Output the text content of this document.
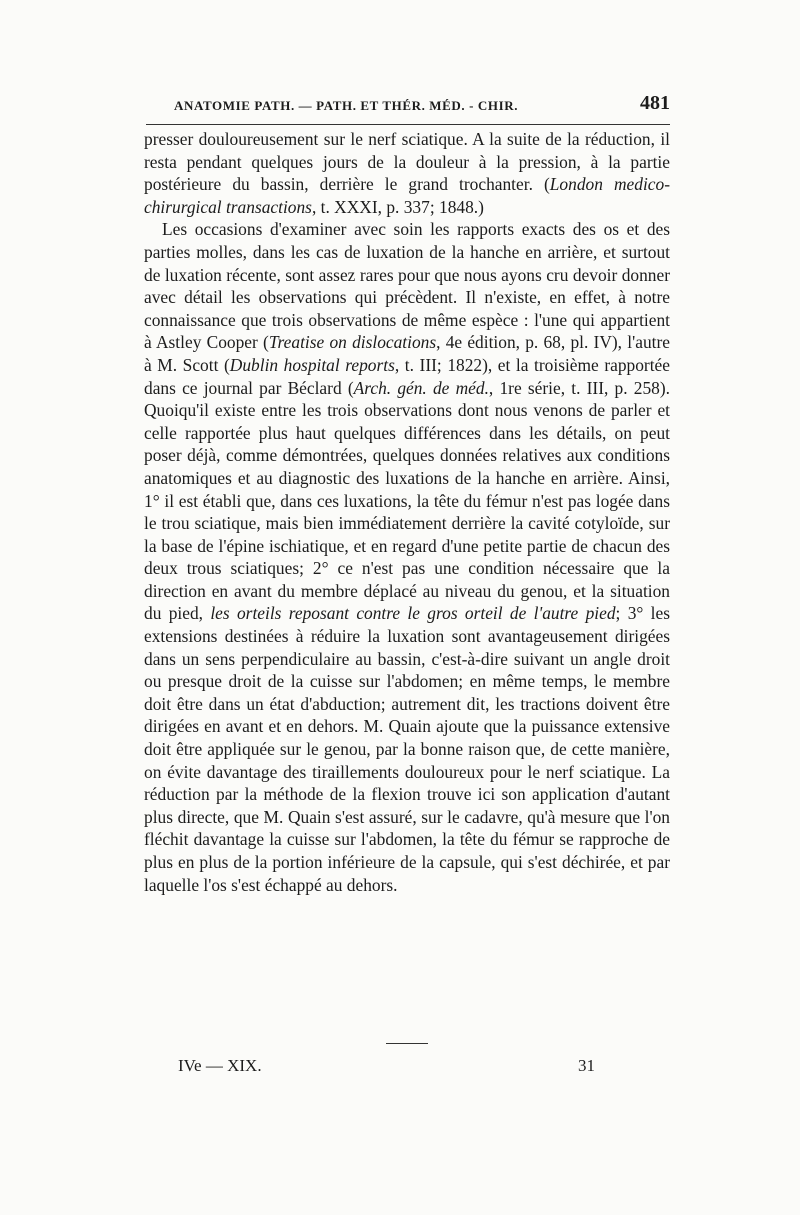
ANATOMIE PATH. — PATH. ET THÉR. MÉD. - CHIR.	481

presser douloureusement sur le nerf sciatique. A la suite de la réduction, il resta pendant quelques jours de la douleur à la pression, à la partie postérieure du bassin, derrière le grand trochanter. (London medico-chirurgical transactions, t. XXXI, p. 337; 1848.)

Les occasions d'examiner avec soin les rapports exacts des os et des parties molles, dans les cas de luxation de la hanche en arrière, et surtout de luxation récente, sont assez rares pour que nous ayons cru devoir donner avec détail les observations qui précèdent. Il n'existe, en effet, à notre connaissance que trois observations de même espèce : l'une qui appartient à Astley Cooper (Treatise on dislocations, 4e édition, p. 68, pl. IV), l'autre à M. Scott (Dublin hospital reports, t. III; 1822), et la troisième rapportée dans ce journal par Béclard (Arch. gén. de méd., 1re série, t. III, p. 258). Quoiqu'il existe entre les trois observations dont nous venons de parler et celle rapportée plus haut quelques différences dans les détails, on peut poser déjà, comme démontrées, quelques données relatives aux conditions anatomiques et au diagnostic des luxations de la hanche en arrière. Ainsi, 1° il est établi que, dans ces luxations, la tête du fémur n'est pas logée dans le trou sciatique, mais bien immédiatement derrière la cavité cotyloïde, sur la base de l'épine ischiatique, et en regard d'une petite partie de chacun des deux trous sciatiques; 2° ce n'est pas une condition nécessaire que la direction en avant du membre déplacé au niveau du genou, et la situation du pied, les orteils reposant contre le gros orteil de l'autre pied; 3° les extensions destinées à réduire la luxation sont avantageusement dirigées dans un sens perpendiculaire au bassin, c'est-à-dire suivant un angle droit ou presque droit de la cuisse sur l'abdomen; en même temps, le membre doit être dans un état d'abduction; autrement dit, les tractions doivent être dirigées en avant et en dehors. M. Quain ajoute que la puissance extensive doit être appliquée sur le genou, par la bonne raison que, de cette manière, on évite davantage des tiraillements douloureux pour le nerf sciatique. La réduction par la méthode de la flexion trouve ici son application d'autant plus directe, que M. Quain s'est assuré, sur le cadavre, qu'à mesure que l'on fléchit davantage la cuisse sur l'abdomen, la tête du fémur se rapproche de plus en plus de la portion inférieure de la capsule, qui s'est déchirée, et par laquelle l'os s'est échappé au dehors.

IVe — XIX.	31
